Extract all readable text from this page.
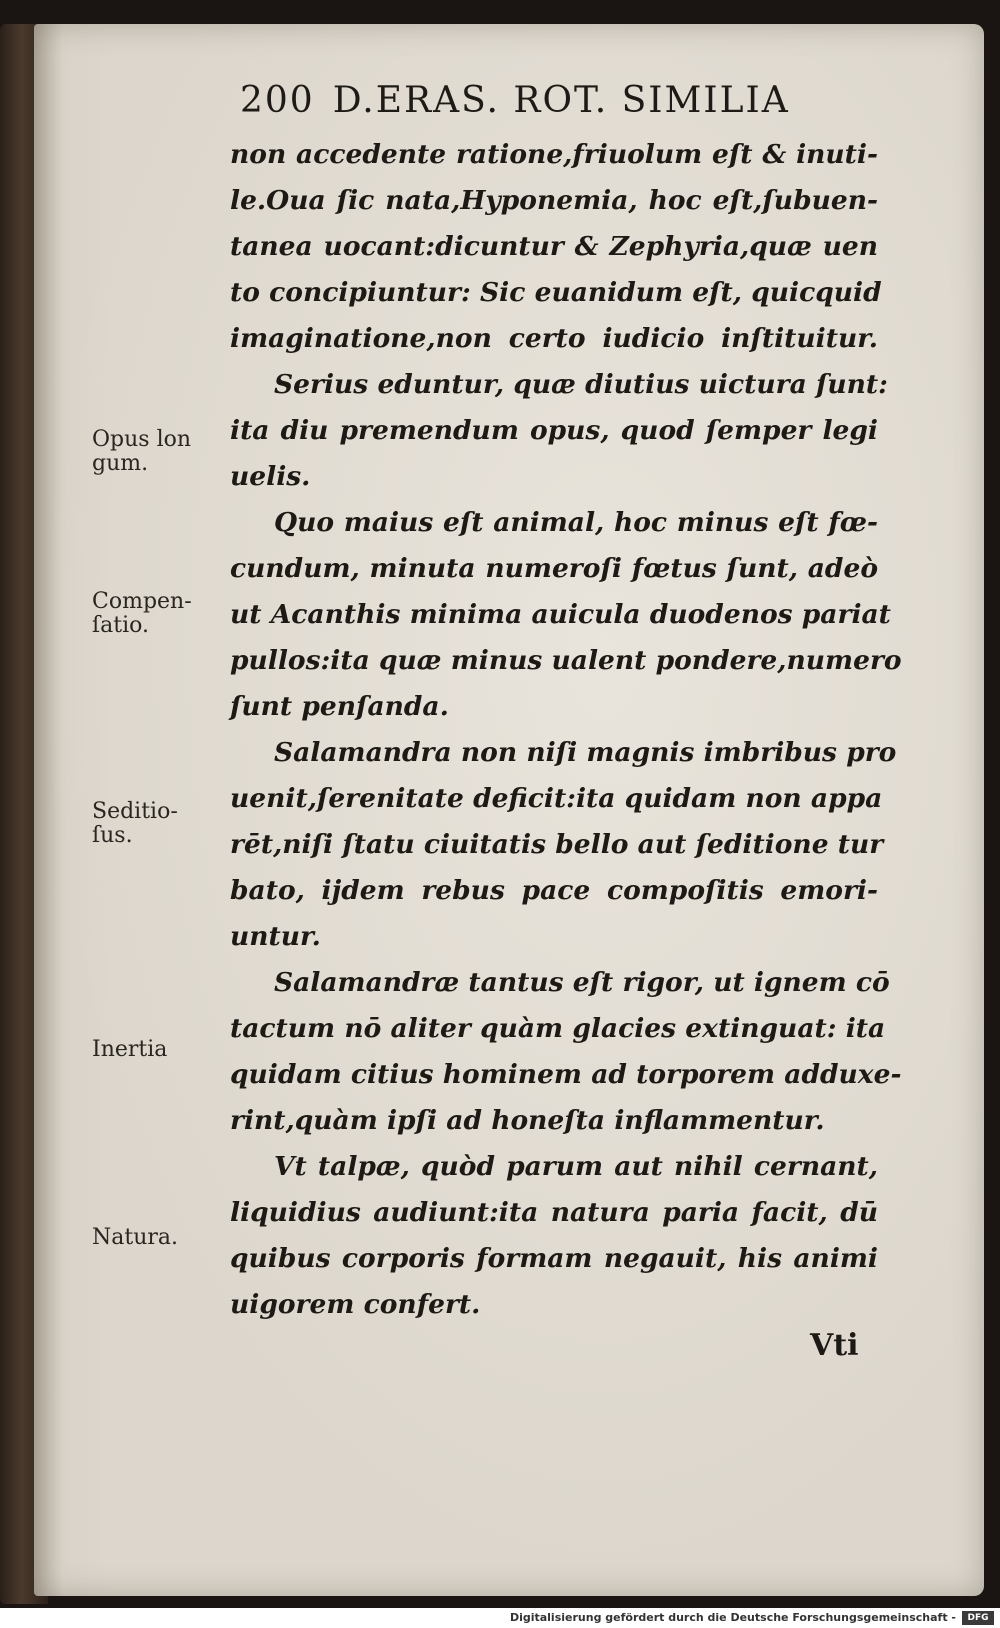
200 D.ERAS. ROT. SIMILIA
non accedente ratione,friuolum eſt & inuti-
le.Oua ſic nata,Hyponemia, hoc eſt,ſubuen-
tanea uocant:dicuntur & Zephyria,quæ uen
to concipiuntur: Sic euanidum eſt, quicquid
imaginatione,non certo iudicio inſtituitur.
Serius eduntur, quæ diutius uictura ſunt:
ita diu premendum opus, quod ſemper legi
uelis.
Quo maius eſt animal, hoc minus eſt fœ-
cundum, minuta numeroſi fœtus ſunt, adeò
ut Acanthis minima auicula duodenos pariat
pullos:ita quæ minus ualent pondere,numero
ſunt penſanda.
Salamandra non niſi magnis imbribus pro
uenit,ſerenitate deficit:ita quidam non appa
rēt,niſi ſtatu ciuitatis bello aut ſeditione tur
bato, ijdem rebus pace compoſitis emori-
untur.
Salamandræ tantus eſt rigor, ut ignem cō
tactum nō aliter quàm glacies extinguat: ita
quidam citius hominem ad torporem adduxe-
rint,quàm ipſi ad honeſta inflammentur.
Vt talpæ, quòd parum aut nihil cernant,
liquidius audiunt:ita natura paria facit, dū
quibus corporis formam negauit, his animi
uigorem confert.
Opus lon
gum.
Compen-
ſatio.
Seditio-
ſus.
Inertia
Natura.
Vti
Digitalisierung gefördert durch die Deutsche Forschungsgemeinschaft -	DFG
